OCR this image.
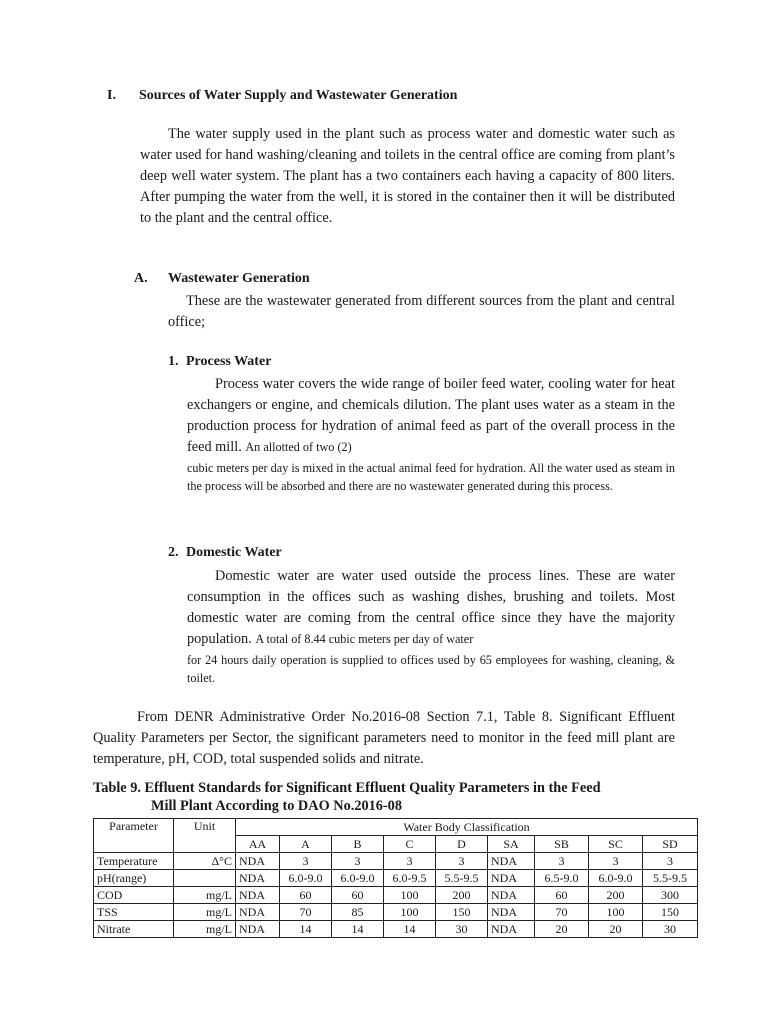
I. Sources of Water Supply and Wastewater Generation
The water supply used in the plant such as process water and domestic water such as water used for hand washing/cleaning and toilets in the central office are coming from plant’s deep well water system. The plant has a two containers each having a capacity of 800 liters. After pumping the water from the well, it is stored in the container then it will be distributed to the plant and the central office.
A. Wastewater Generation
These are the wastewater generated from different sources from the plant and central office;
1. Process Water
Process water covers the wide range of boiler feed water, cooling water for heat exchangers or engine, and chemicals dilution. The plant uses water as a steam in the production process for hydration of animal feed as part of the overall process in the feed mill. An allotted of two (2)
cubic meters per day is mixed in the actual animal feed for hydration. All the water used as steam in the process will be absorbed and there are no wastewater generated during this process.
2. Domestic Water
Domestic water are water used outside the process lines. These are water consumption in the offices such as washing dishes, brushing and toilets. Most domestic water are coming from the central office since they have the majority population. A total of 8.44 cubic meters per day of water
for 24 hours daily operation is supplied to offices used by 65 employees for washing, cleaning, & toilet.
From DENR Administrative Order No.2016-08 Section 7.1, Table 8. Significant Effluent Quality Parameters per Sector, the significant parameters need to monitor in the feed mill plant are temperature, pH, COD, total suspended solids and nitrate.
Table 9. Effluent Standards for Significant Effluent Quality Parameters in the Feed
Mill Plant According to DAO No.2016-08
Parameter	Unit	Water Body Classification								
		AA	A	B	C	D	SA	SB	SC	SD
Temperature	Δ°C	NDA	3	3	3	3	NDA	3	3	3
pH(range)		NDA	6.0-9.0	6.0-9.0	6.0-9.5	5.5-9.5	NDA	6.5-9.0	6.0-9.0	5.5-9.5
COD	mg/L	NDA	60	60	100	200	NDA	60	200	300
TSS	mg/L	NDA	70	85	100	150	NDA	70	100	150
Nitrate	mg/L	NDA	14	14	14	30	NDA	20	20	30
